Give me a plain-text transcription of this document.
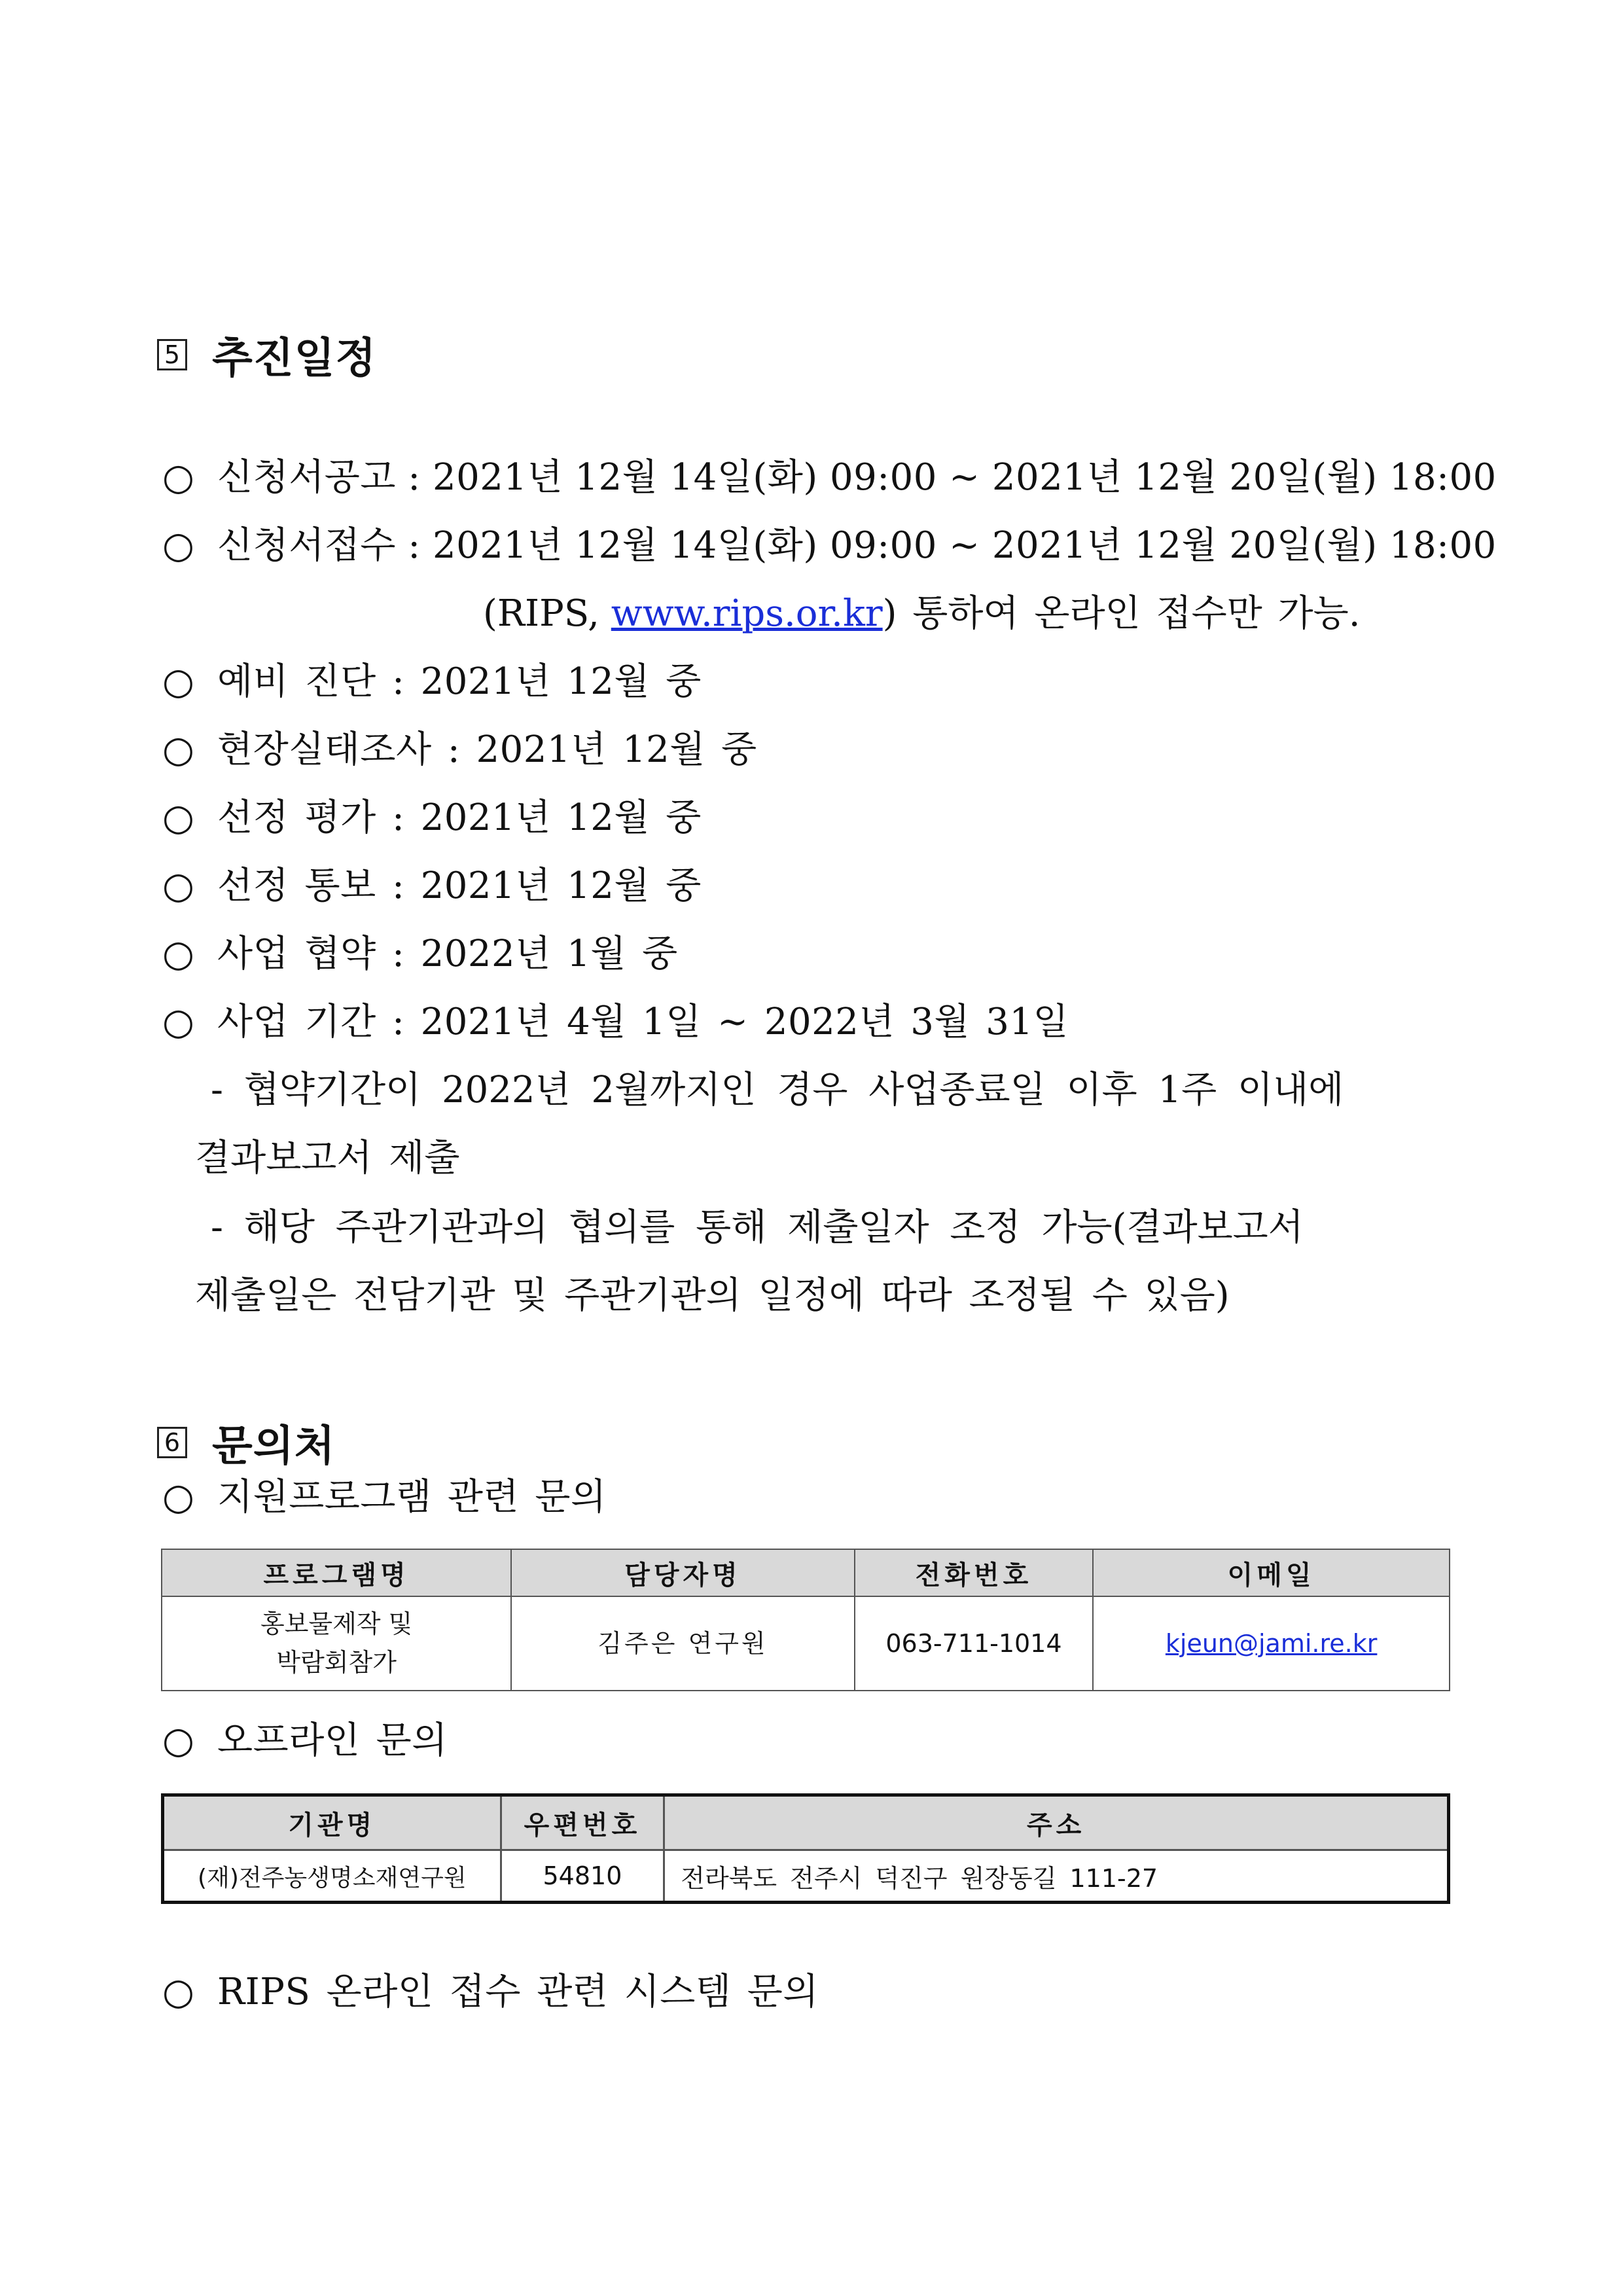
5 추진일정
○ 신청서공고 : 2021년 12월 14일(화) 09:00 ~ 2021년 12월 20일(월) 18:00
○ 신청서접수 : 2021년 12월 14일(화) 09:00 ~ 2021년 12월 20일(월) 18:00
(RIPS, www.rips.or.kr) 통하여 온라인 접수만 가능.
○ 예비 진단 : 2021년 12월 중
○ 현장실태조사 : 2021년 12월 중
○ 선정 평가 : 2021년 12월 중
○ 선정 통보 : 2021년 12월 중
○ 사업 협약 : 2022년 1월 중
○ 사업 기간 : 2021년 4월 1일 ~ 2022년 3월 31일
- 협약기간이 2022년 2월까지인 경우 사업종료일 이후 1주 이내에
결과보고서 제출
- 해당 주관기관과의 협의를 통해 제출일자 조정 가능(결과보고서
제출일은 전담기관 및 주관기관의 일정에 따라 조정될 수 있음)
6 문의처
○ 지원프로그램 관련 문의
프로그램명	담당자명	전화번호	이메일
홍보물제작 및
박람회참가	김주은 연구원	063-711-1014	kjeun@jami.re.kr
○ 오프라인 문의
기관명	우편번호	주소
(재)전주농생명소재연구원	54810	전라북도 전주시 덕진구 원장동길 111-27
○ RIPS 온라인 접수 관련 시스템 문의
